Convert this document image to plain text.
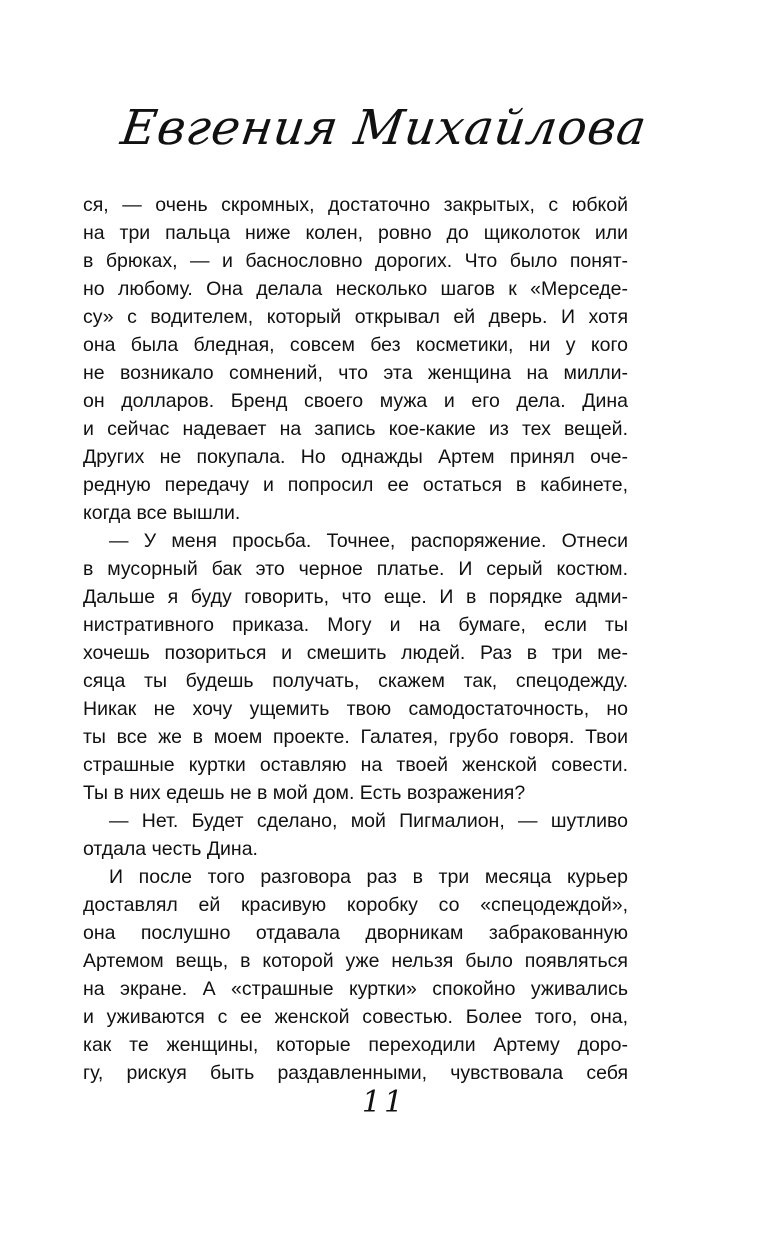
Евгения Михайлова
ся, — очень скромных, достаточно закрытых, с юбкой
на три пальца ниже колен, ровно до щиколоток или
в брюках, — и баснословно дорогих. Что было понят-
но любому. Она делала несколько шагов к «Мерседе-
су» с водителем, который открывал ей дверь. И хотя
она была бледная, совсем без косметики, ни у кого
не возникало сомнений, что эта женщина на милли-
он долларов. Бренд своего мужа и его дела. Дина
и сейчас надевает на запись кое-какие из тех вещей.
Других не покупала. Но однажды Артем принял оче-
редную передачу и попросил ее остаться в кабинете,
когда все вышли.
— У меня просьба. Точнее, распоряжение. Отнеси
в мусорный бак это черное платье. И серый костюм.
Дальше я буду говорить, что еще. И в порядке адми-
нистративного приказа. Могу и на бумаге, если ты
хочешь позориться и смешить людей. Раз в три ме-
сяца ты будешь получать, скажем так, спецодежду.
Никак не хочу ущемить твою самодостаточность, но
ты все же в моем проекте. Галатея, грубо говоря. Твои
страшные куртки оставляю на твоей женской совести.
Ты в них едешь не в мой дом. Есть возражения?
— Нет. Будет сделано, мой Пигмалион, — шутливо
отдала честь Дина.
И после того разговора раз в три месяца курьер
доставлял ей красивую коробку со «спецодеждой»,
она послушно отдавала дворникам забракованную
Артемом вещь, в которой уже нельзя было появляться
на экране. А «страшные куртки» спокойно уживались
и уживаются с ее женской совестью. Более того, она,
как те женщины, которые переходили Артему доро-
гу, рискуя быть раздавленными, чувствовала себя
11
